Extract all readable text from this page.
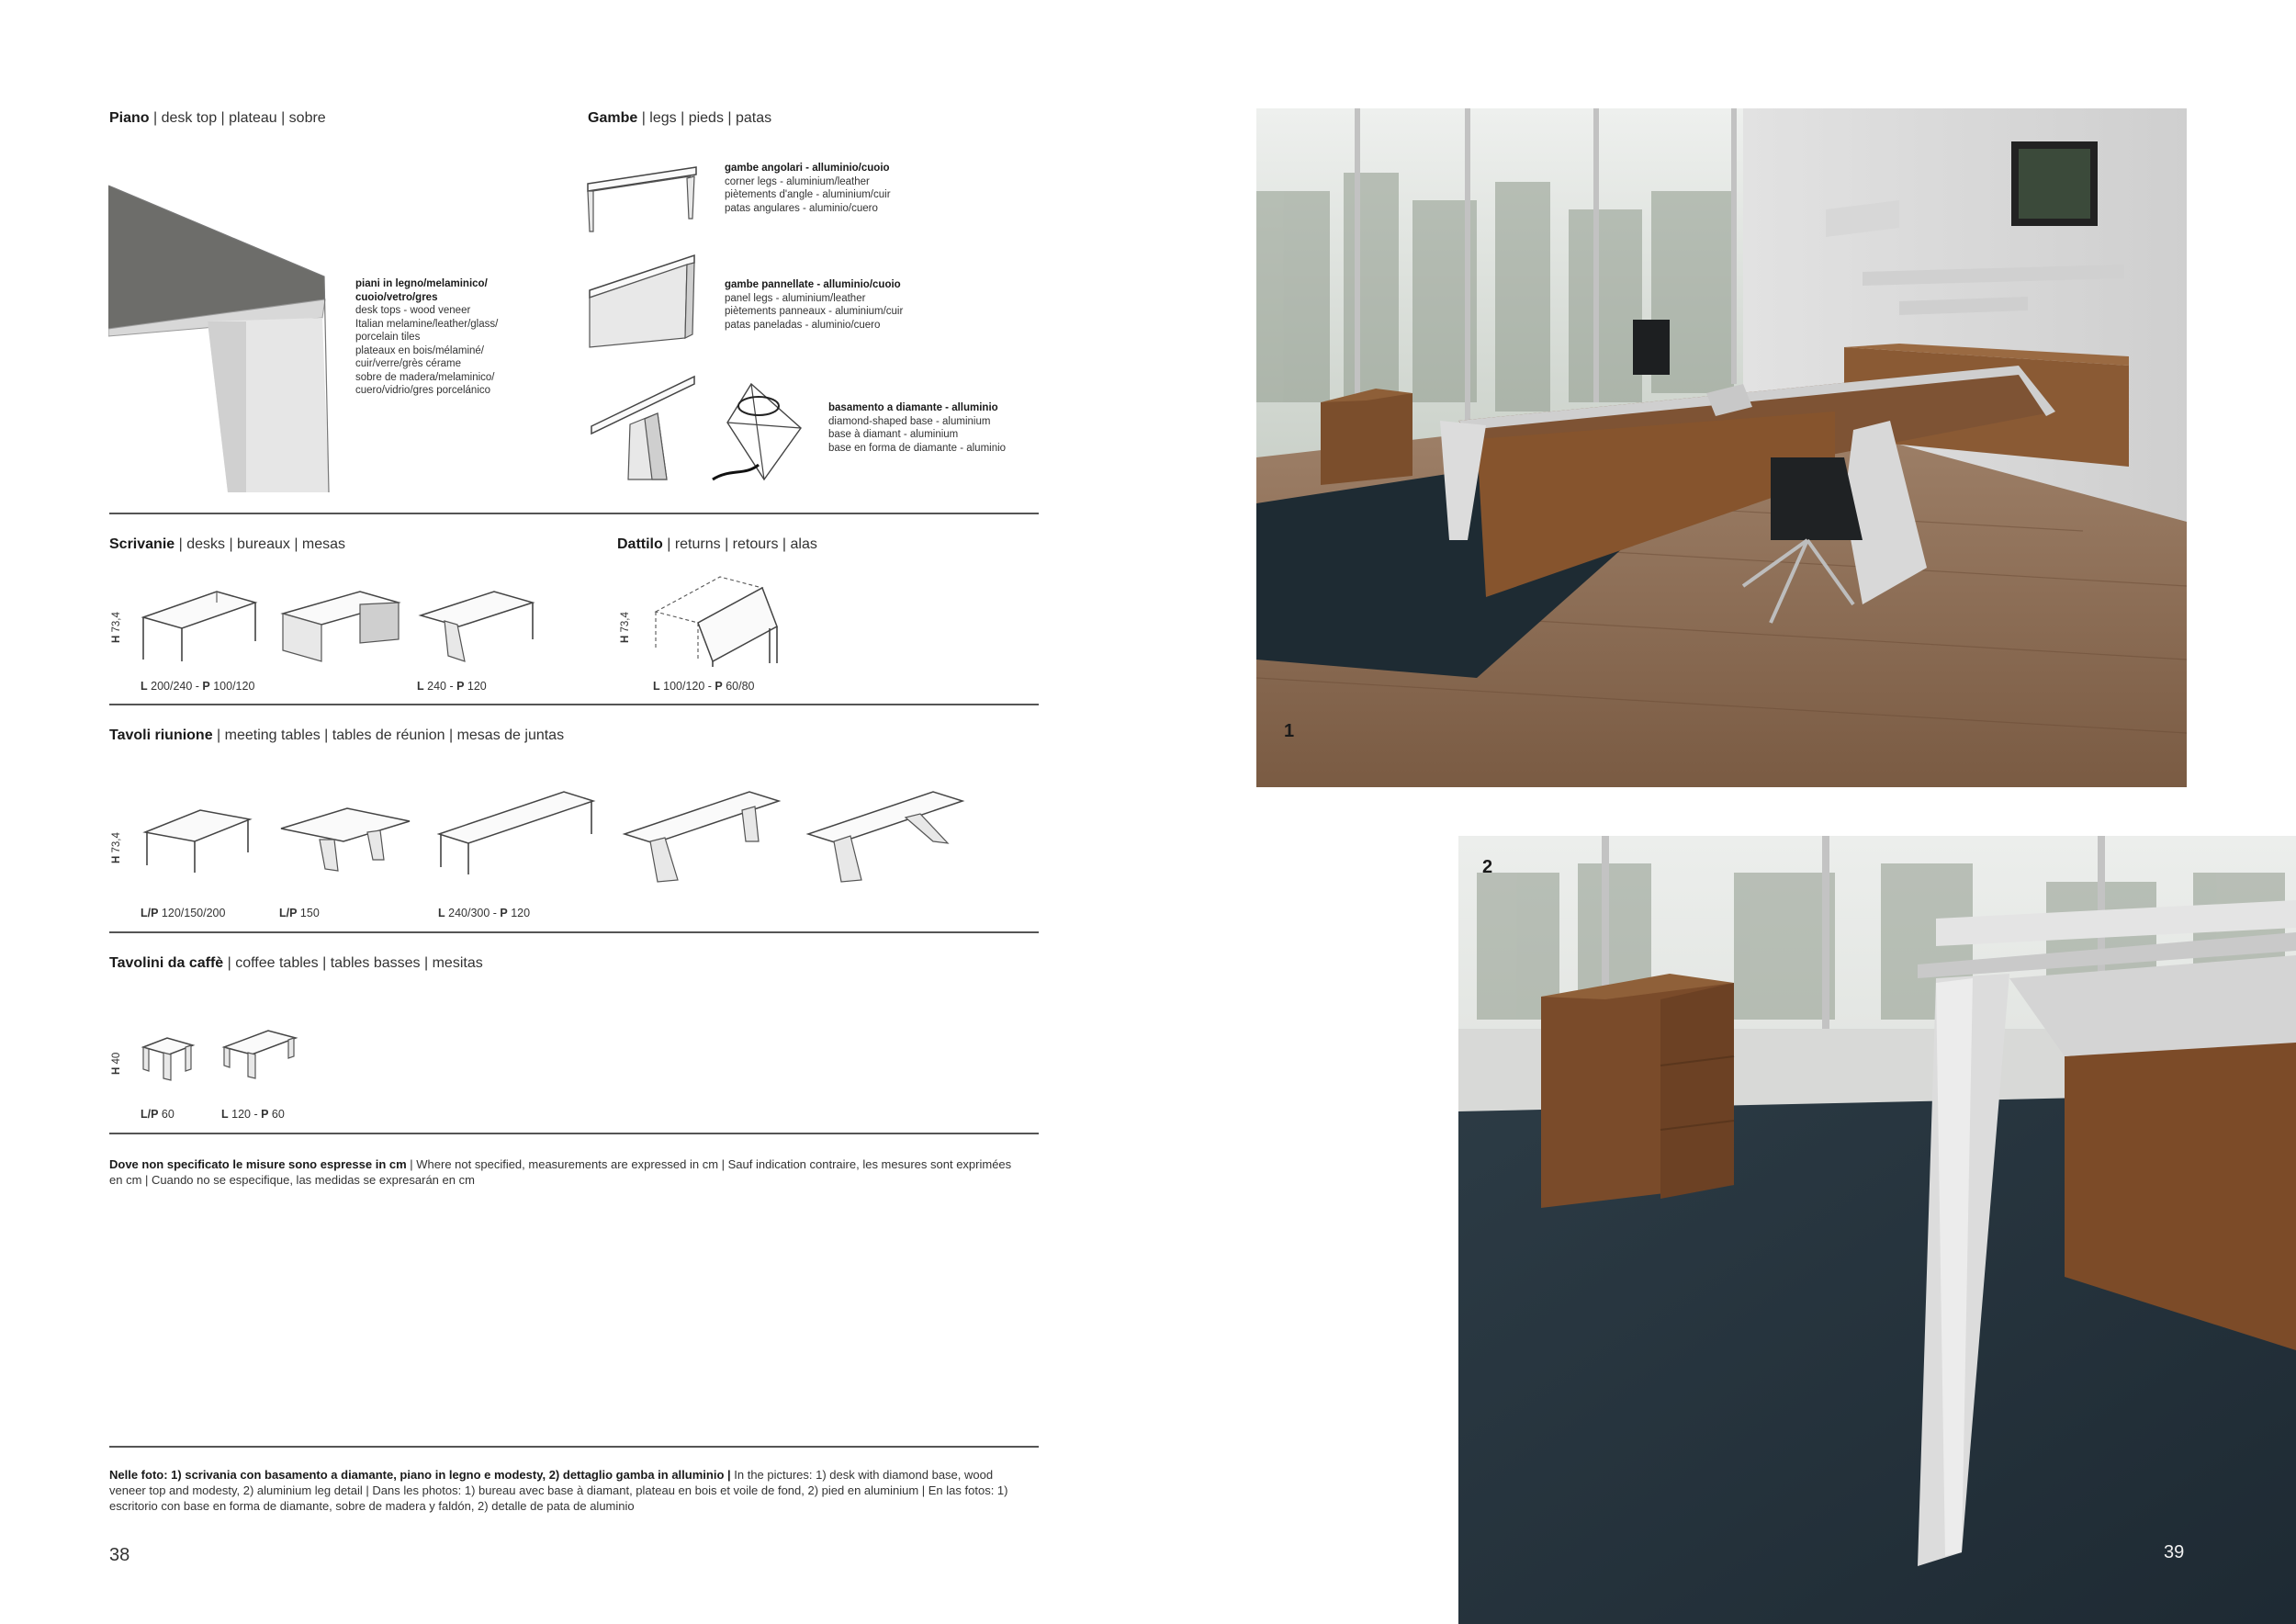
Piano | desk top | plateau | sobre
piani in legno/melaminico/
cuoio/vetro/gres
desk tops - wood veneer
Italian melamine/leather/glass/
porcelain tiles
plateaux en bois/mélaminé/
cuir/verre/grès cérame
sobre de madera/melaminico/
cuero/vidrio/gres porcelánico
Gambe | legs | pieds | patas
gambe angolari - alluminio/cuoio
corner legs - aluminium/leather
piètements d'angle - aluminium/cuir
patas angulares - aluminio/cuero
gambe pannellate - alluminio/cuoio
panel legs - aluminium/leather
piètements panneaux - aluminium/cuir
patas paneladas - aluminio/cuero
basamento a diamante - alluminio
diamond-shaped base - aluminium
base à diamant - aluminium
base en forma de diamante - aluminio
Scrivanie | desks | bureaux | mesas
H 73,4
L 200/240 - P 100/120	L 240 - P 120
Dattilo | returns | retours | alas
H 73,4
L 100/120 - P 60/80
Tavoli riunione | meeting tables | tables de réunion | mesas de juntas
H 73,4
L/P 120/150/200	L/P 150	L 240/300 - P 120
Tavolini da caffè | coffee tables | tables basses | mesitas
H 40
L/P 60	L 120 - P 60
Dove non specificato le misure sono espresse in cm | Where not specified, measurements are expressed in cm | Sauf indication contraire, les mesures sont exprimées en cm | Cuando no se especifique, las medidas se expresarán en cm
Nelle foto: 1) scrivania con basamento a diamante, piano in legno e modesty, 2) dettaglio gamba in alluminio | In the pictures: 1) desk with diamond base, wood veneer top and modesty, 2) aluminium leg detail | Dans les photos: 1) bureau avec base à diamant, plateau en bois et voile de fond, 2) pied en aluminium | En las fotos: 1) escritorio con base en forma de diamante, sobre de madera y faldón, 2) detalle de pata de aluminio
38
1
2
39
